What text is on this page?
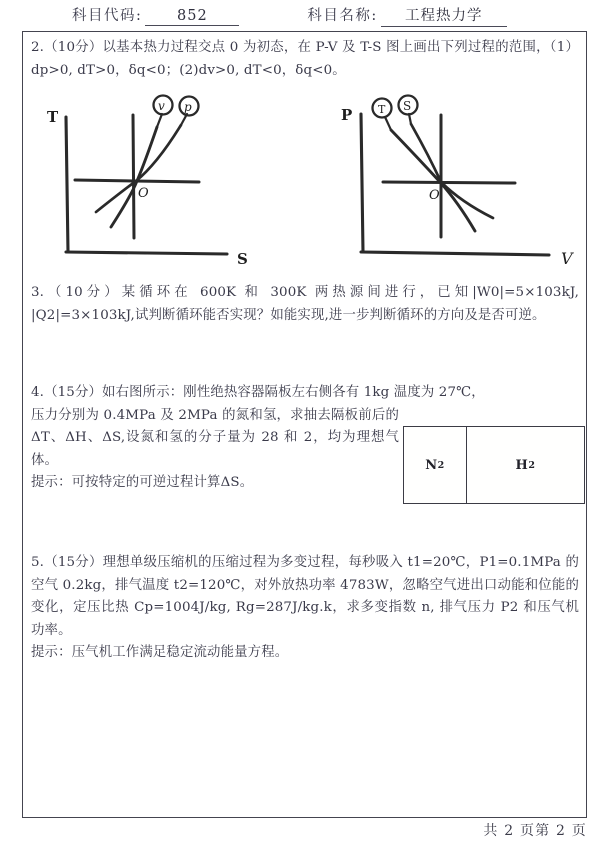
科目代码:	852	科目名称:	工程热力学
2.（10分）以基本热力过程交点 0 为初态，在 P-V 及 T-S 图上画出下列过程的范围，（1）dp>0, dT>0，δq<0；(2)dv>0, dT<0，δq<0。
T
S
O
v p	P
V
O
T S
3.（10分）某循环在 600K 和 300K 两热源间进行，已知|W0|=5×103kJ, |Q2|=3×103kJ,试判断循环能否实现？如能实现,进一步判断循环的方向及是否可逆。
4.（15分）如右图所示：刚性绝热容器隔板左右侧各有 1kg 温度为 27℃，
压力分别为 0.4MPa 及 2MPa 的氮和氢，求抽去隔板前后的ΔT、ΔH、ΔS,设氮和氢的分子量为 28 和 2，均为理想气体。
提示：可按特定的可逆过程计算ΔS。
N 2	H 2
5.（15分）理想单级压缩机的压缩过程为多变过程，每秒吸入 t1=20℃，P1=0.1MPa 的空气 0.2kg，排气温度 t2=120℃，对外放热功率 4783W，忽略空气进出口动能和位能的变化，定压比热 Cp=1004J/kg, Rg=287J/kg.k，求多变指数 n, 排气压力 P2 和压气机功率。
提示：压气机工作满足稳定流动能量方程。
共 2 页第 2 页
